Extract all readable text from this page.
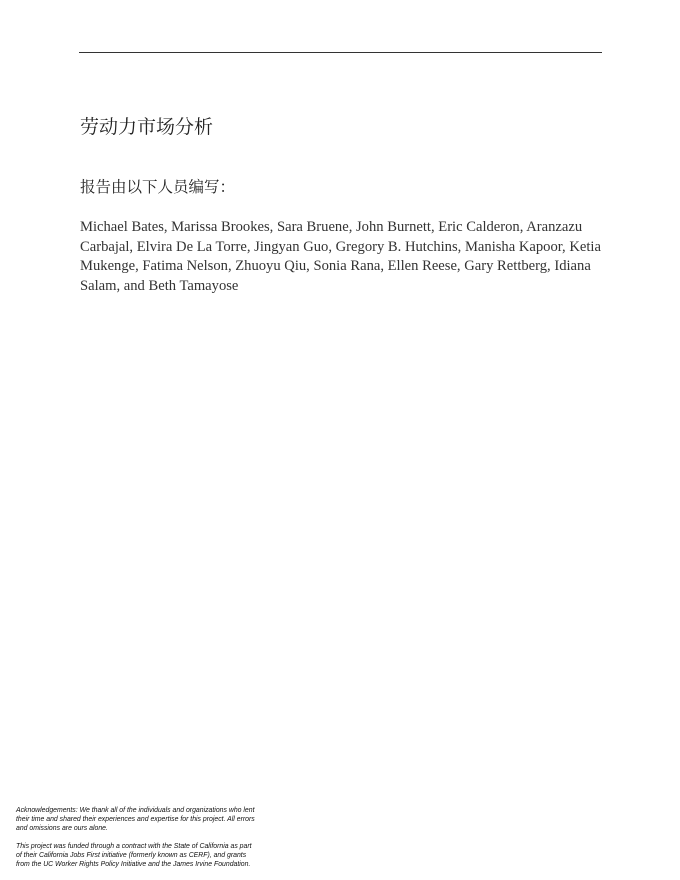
劳动力市场分析

报告由以下人员编写：

Michael Bates, Marissa Brookes, Sara Bruene, John Burnett, Eric Calderon, Aranzazu
Carbajal, Elvira De La Torre, Jingyan Guo, Gregory B. Hutchins, Manisha Kapoor, Ketia
Mukenge, Fatima Nelson, Zhuoyu Qiu, Sonia Rana, Ellen Reese, Gary Rettberg, Idiana
Salam, and Beth Tamayose

Acknowledgements: We thank all of the individuals and organizations who lent
their time and shared their experiences and expertise for this project. All errors
and omissions are ours alone.

This project was funded through a contract with the State of California as part
of their California Jobs First initiative (formerly known as CERF), and grants
from the UC Worker Rights Policy Initiative and the James Irvine Foundation.
